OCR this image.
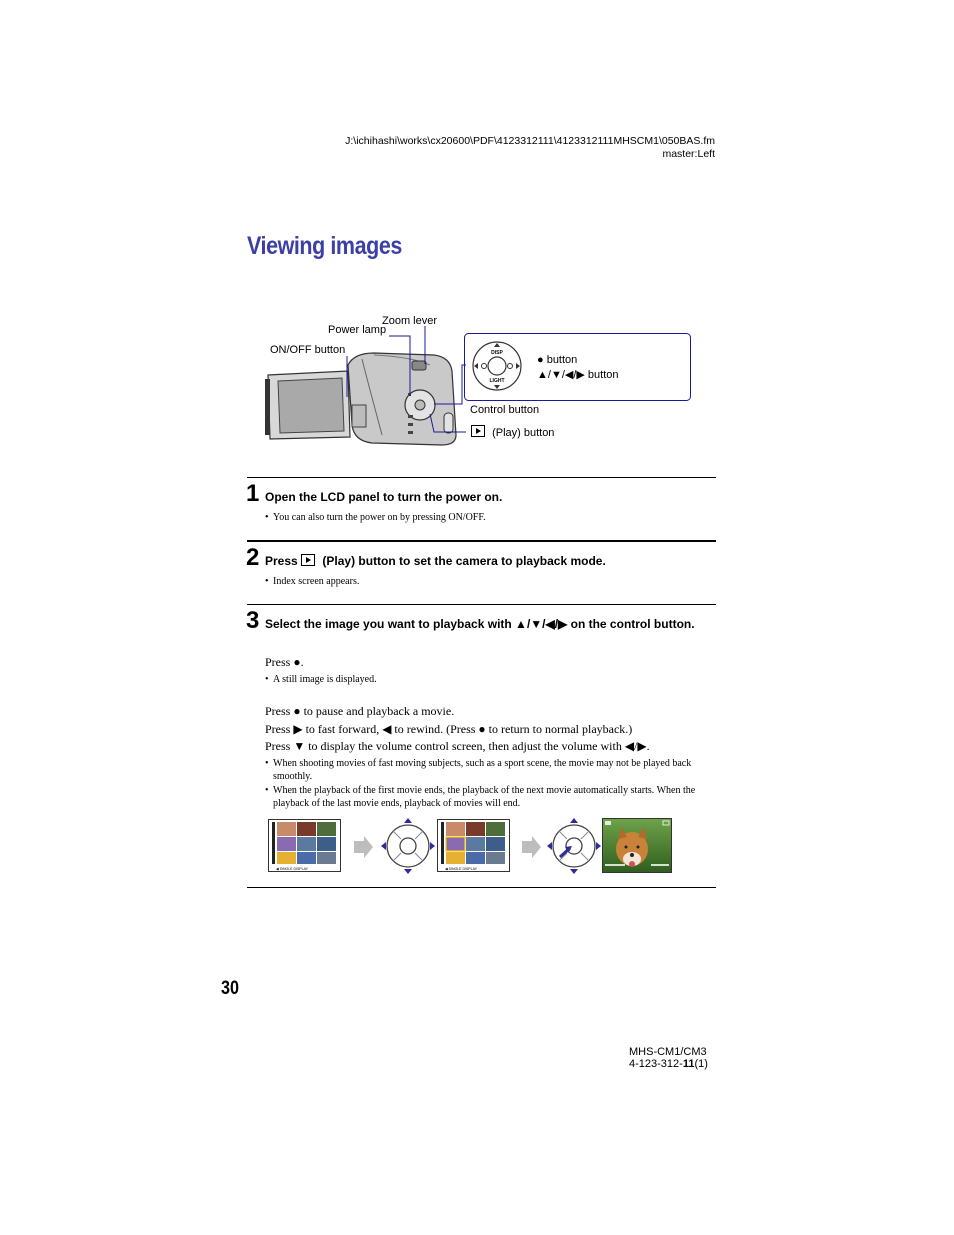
J:\ichihashi\works\cx20600\PDF\4123312111\4123312111MHSCM1\050BAS.fm
master:Left
Viewing images
DISP
LIGHT
Zoom lever
Power lamp
ON/OFF button
● button
▲/▼/◀/▶ button
Control button
(Play) button
1 Open the LCD panel to turn the power on.
• You can also turn the power on by pressing ON/OFF.
2 Press (Play) button to set the camera to playback mode.
• Index screen appears.
3 Select the image you want to playback with ▲/▼/◀/▶ on the control button.
Press ●.
• A still image is displayed.
Press ● to pause and playback a movie.
Press ▶ to fast forward, ◀ to rewind. (Press ● to return to normal playback.)
Press ▼ to display the volume control screen, then adjust the volume with ◀/▶.
• When shooting movies of fast moving subjects, such as a sport scene, the movie may not be played back smoothly.
• When the playback of the first movie ends, the playback of the next movie automatically starts. When the playback of the last movie ends, playback of movies will end.
◀ SINGLE DISPLAY	◀ SINGLE DISPLAY
30
MHS-CM1/CM3
4-123-312-11(1)
